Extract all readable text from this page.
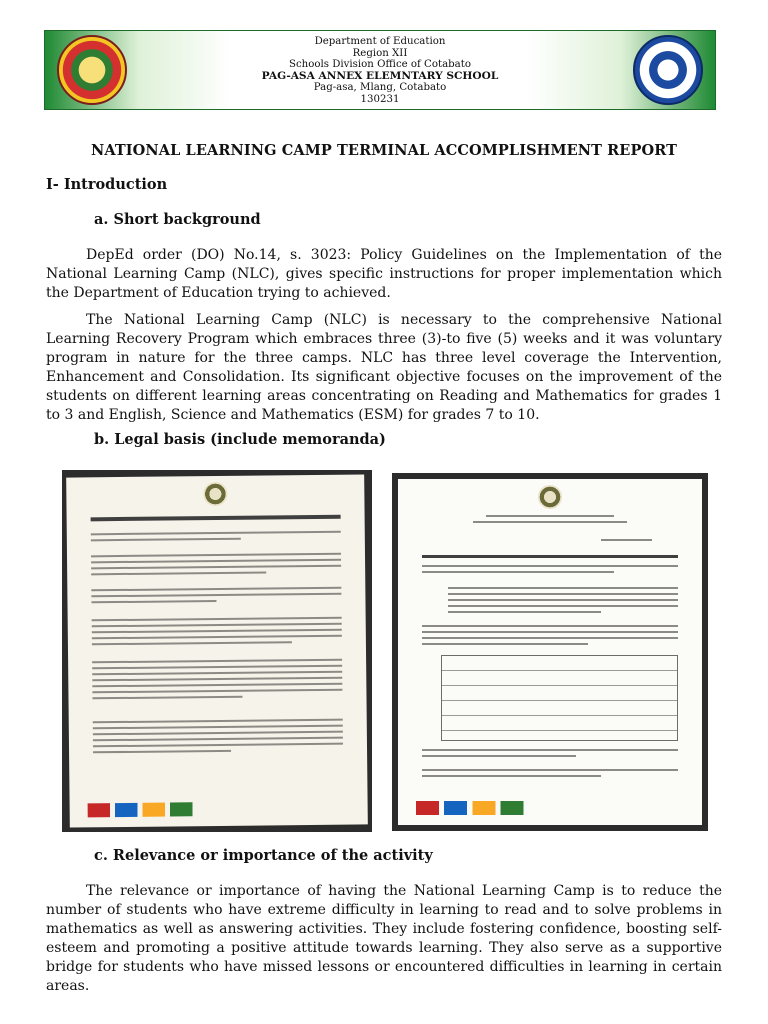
Department of Education
Region XII
Schools Division Office of Cotabato
PAG-ASA ANNEX ELEMNTARY SCHOOL
Pag-asa, Mlang, Cotabato
130231
NATIONAL LEARNING CAMP TERMINAL ACCOMPLISHMENT REPORT
I- Introduction
a. Short background
DepEd order (DO) No.14, s. 3023: Policy Guidelines on the Implementation of the National Learning Camp (NLC), gives specific instructions for proper implementation which the Department of Education trying to achieved.
The National Learning Camp (NLC) is necessary to the comprehensive National Learning Recovery Program which embraces three (3)-to five (5) weeks and it was voluntary program in nature for the three camps. NLC has three level coverage the Intervention, Enhancement and Consolidation. Its significant objective focuses on the improvement of the students on different learning areas concentrating on Reading and Mathematics for grades 1 to 3 and English, Science and Mathematics (ESM) for grades 7 to 10.
b. Legal basis (include memoranda)
c. Relevance or importance of the activity
The relevance or importance of having the National Learning Camp is to reduce the number of students who have extreme difficulty in learning to read and to solve problems in mathematics as well as answering activities. They include fostering confidence, boosting self-esteem and promoting a positive attitude towards learning. They also serve as a supportive bridge for students who have missed lessons or encountered difficulties in learning in certain areas.
